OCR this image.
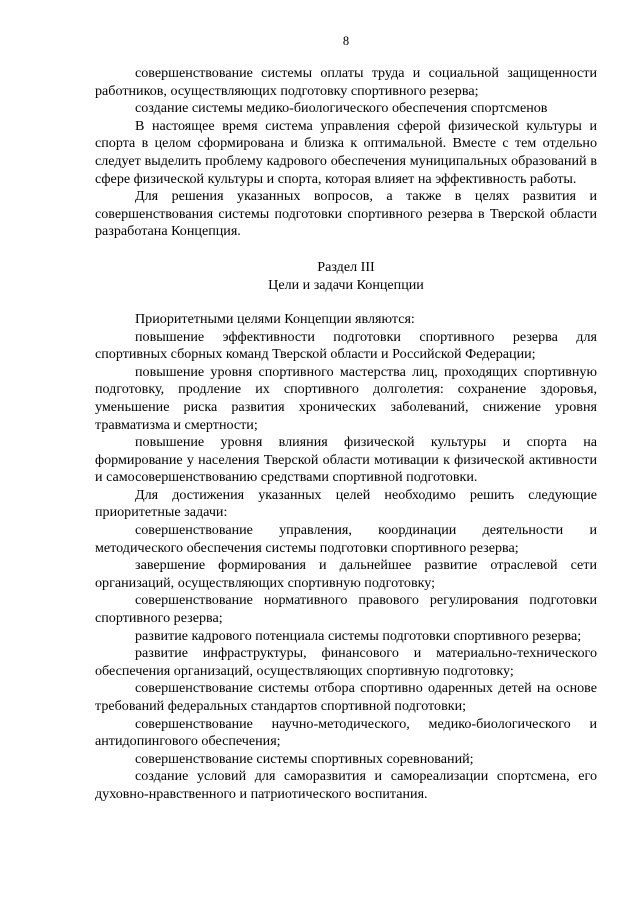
8

совершенствование системы оплаты труда и социальной защищенности работников, осуществляющих подготовку спортивного резерва;

создание системы медико-биологического обеспечения спортсменов

В настоящее время система управления сферой физической культуры и спорта в целом сформирована и близка к оптимальной. Вместе с тем отдельно следует выделить проблему кадрового обеспечения муниципальных образований в сфере физической культуры и спорта, которая влияет на эффективность работы.

Для решения указанных вопросов, а также в целях развития и совершенствования системы подготовки спортивного резерва в Тверской области разработана Концепция.

Раздел III

Цели и задачи Концепции

Приоритетными целями Концепции являются:

повышение эффективности подготовки спортивного резерва для спортивных сборных команд Тверской области и Российской Федерации;

повышение уровня спортивного мастерства лиц, проходящих спортивную подготовку, продление их спортивного долголетия: сохранение здоровья, уменьшение риска развития хронических заболеваний, снижение уровня травматизма и смертности;

повышение уровня влияния физической культуры и спорта на формирование у населения Тверской области мотивации к физической активности и самосовершенствованию средствами спортивной подготовки.

Для достижения указанных целей необходимо решить следующие приоритетные задачи:

совершенствование управления, координации деятельности и методического обеспечения системы подготовки спортивного резерва;

завершение формирования и дальнейшее развитие отраслевой сети организаций, осуществляющих спортивную подготовку;

совершенствование нормативного правового регулирования подготовки спортивного резерва;

развитие кадрового потенциала системы подготовки спортивного резерва;

развитие инфраструктуры, финансового и материально-технического обеспечения организаций, осуществляющих спортивную подготовку;

совершенствование системы отбора спортивно одаренных детей на основе требований федеральных стандартов спортивной подготовки;

совершенствование научно-методического, медико-биологического и антидопингового обеспечения;

совершенствование системы спортивных соревнований;

создание условий для саморазвития и самореализации спортсмена, его духовно-нравственного и патриотического воспитания.
